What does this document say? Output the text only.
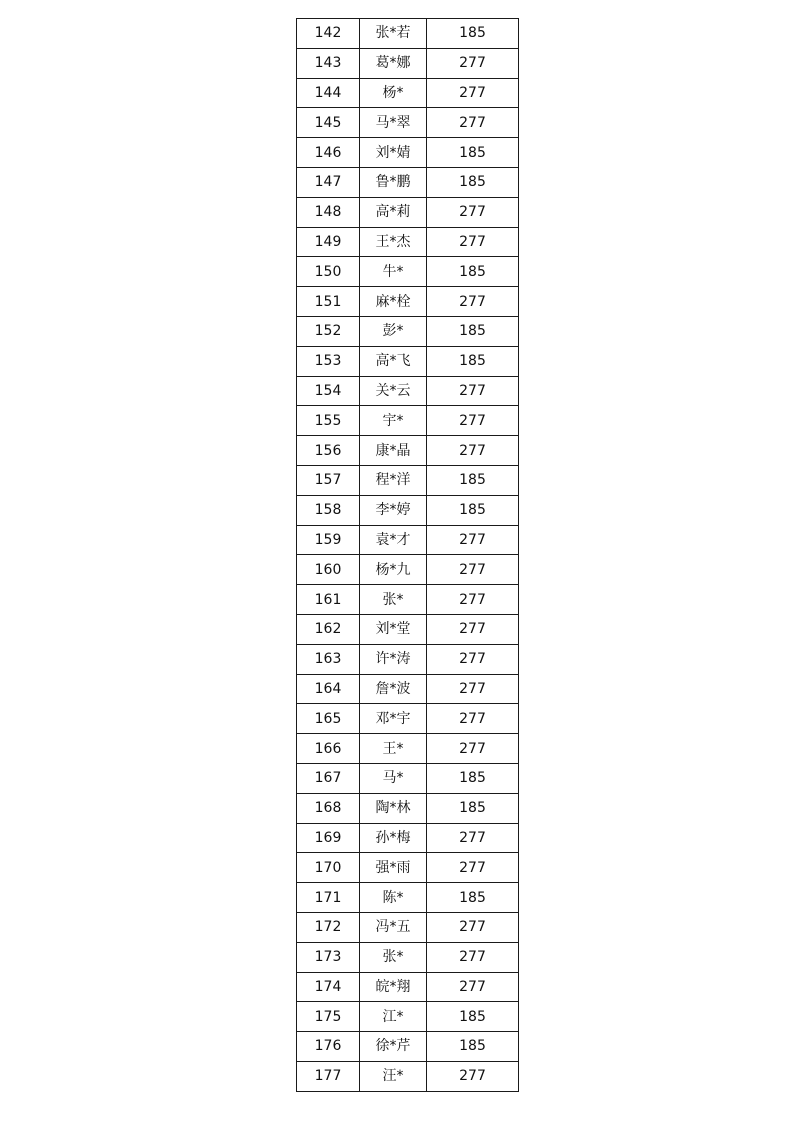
142	张*若	185
143	葛*娜	277
144	杨*	277
145	马*翠	277
146	刘*婧	185
147	鲁*鹏	185
148	高*莉	277
149	王*杰	277
150	牛*	185
151	麻*栓	277
152	彭*	185
153	高*飞	185
154	关*云	277
155	宇*	277
156	康*晶	277
157	程*洋	185
158	李*婷	185
159	袁*才	277
160	杨*九	277
161	张*	277
162	刘*堂	277
163	许*涛	277
164	詹*波	277
165	邓*宇	277
166	王*	277
167	马*	185
168	陶*林	185
169	孙*梅	277
170	强*雨	277
171	陈*	185
172	冯*五	277
173	张*	277
174	皖*翔	277
175	江*	185
176	徐*芹	185
177	汪*	277
